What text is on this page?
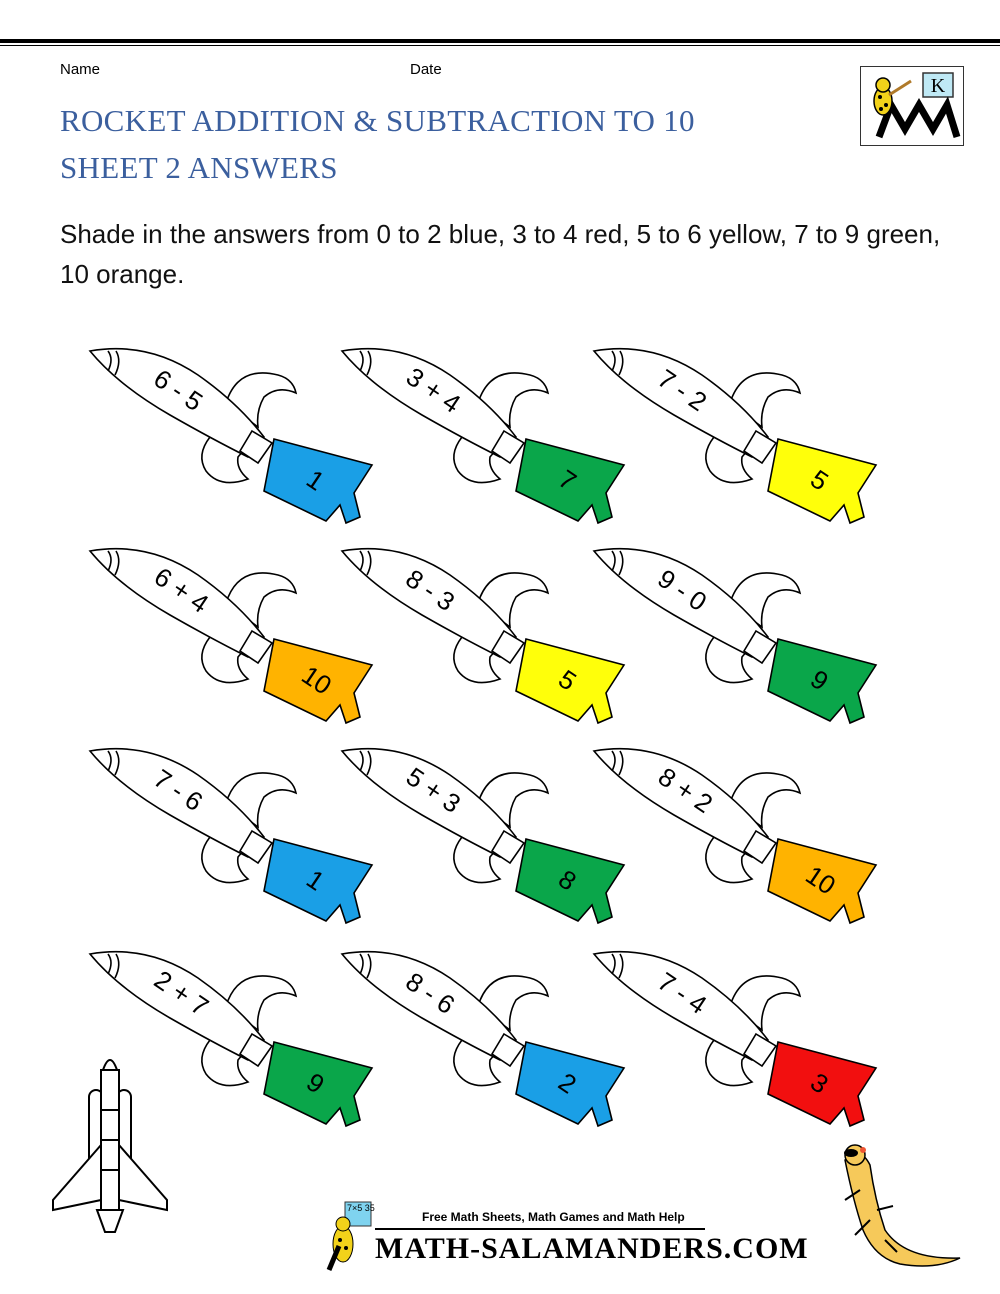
Name	Date
ROCKET ADDITION & SUBTRACTION TO 10
SHEET 2 ANSWERS
K
Shade in the answers from 0 to 2 blue, 3 to 4 red, 5 to 6 yellow, 7 to 9 green, 10 orange.
6 - 5
1
3 + 4
7
7 - 2
5
6 + 4
10
8 - 3
5
9 - 0
9
7 - 6
1
5 + 3
8
8 + 2
10
2 + 7
9
8 - 6
2
7 - 4
3
7×5 35
Free Math Sheets, Math Games and Math Help
MATH-SALAMANDERS.COM
